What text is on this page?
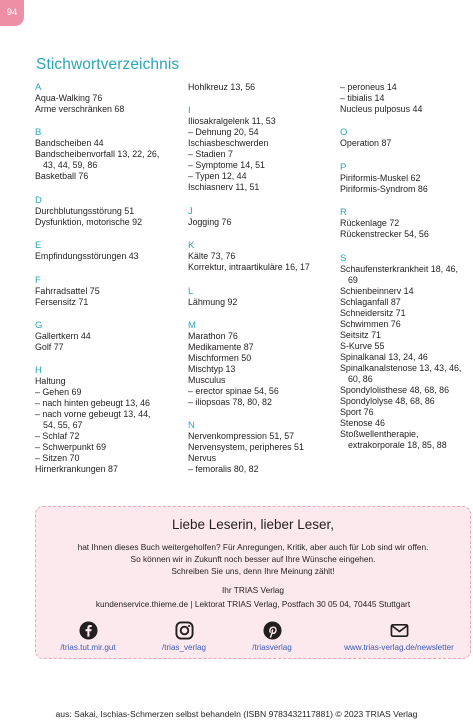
94
Stichwortverzeichnis
A
Aqua-Walking 76
Arme verschränken 68
B
Bandscheiben 44
Bandscheibenvorfall 13, 22, 26,
43, 44, 59, 86
Basketball 76
D
Durchblutungsstörung 51
Dysfunktion, motorische 92
E
Empfindungsstörungen 43
F
Fahrradsattel 75
Fersensitz 71
G
Gallertkern 44
Golf 77
H
Haltung
– Gehen 69
– nach hinten gebeugt 13, 46
– nach vorne gebeugt 13, 44,
54, 55, 67
– Schlaf 72
– Schwerpunkt 69
– Sitzen 70
Hirnerkrankungen 87
Hohlkreuz 13, 56
I
Iliosakralgelenk 11, 53
– Dehnung 20, 54
Ischiasbeschwerden
– Stadien 7
– Symptome 14, 51
– Typen 12, 44
Ischiasnerv 11, 51
J
Jogging 76
K
Kälte 73, 76
Korrektur, intraartikuläre 16, 17
L
Lähmung 92
M
Marathon 76
Medikamente 87
Mischformen 50
Mischtyp 13
Musculus
– erector spinae 54, 56
– iliopsoas 78, 80, 82
N
Nervenkompression 51, 57
Nervensystem, peripheres 51
Nervus
– femoralis 80, 82
– peroneus 14
– tibialis 14
Nucleus pulposus 44
O
Operation 87
P
Piriformis-Muskel 62
Piriformis-Syndrom 86
R
Rückenlage 72
Rückenstrecker 54, 56
S
Schaufensterkrankheit 18, 46,
69
Schienbeinnerv 14
Schlaganfall 87
Schneidersitz 71
Schwimmen 76
Seitsitz 71
S-Kurve 55
Spinalkanal 13, 24, 46
Spinalkanalstenose 13, 43, 46,
60, 86
Spondylolisthese 48, 68, 86
Spondylolyse 48, 68, 86
Sport 76
Stenose 46
Stoßwellentherapie,
extrakorporale 18, 85, 88
Liebe Leserin, lieber Leser,
hat Ihnen dieses Buch weitergeholfen? Für Anregungen, Kritik, aber auch für Lob sind wir offen.
So können wir in Zukunft noch besser auf Ihre Wünsche eingehen.
Schreiben Sie uns, denn Ihre Meinung zählt!
Ihr TRIAS Verlag
kundenservice.thieme.de | Lektorat TRIAS Verlag, Postfach 30 05 04, 70445 Stuttgart
/trias.tut.mir.gut	/trias_verlag	/triasverlag	www.trias-verlag.de/newsletter
aus: Sakai, Ischias-Schmerzen selbst behandeln (ISBN 9783432117881) © 2023 TRIAS Verlag
